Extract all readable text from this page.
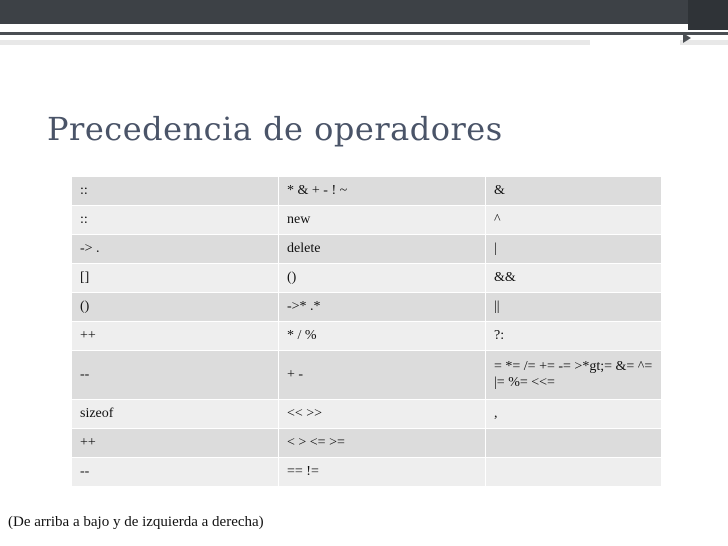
Precedencia de operadores
::	* & + - ! ~	&
::	new	^
-> .	delete	|
[]	()	&&
()	->* .*	||
++	* / %	?:
--	+ -	= *= /= += -= >*gt;= &= ^= |= %= <<=
sizeof	<< >>	,
++	< > <= >=	
--	== !=	
(De arriba a bajo y de izquierda a derecha)
